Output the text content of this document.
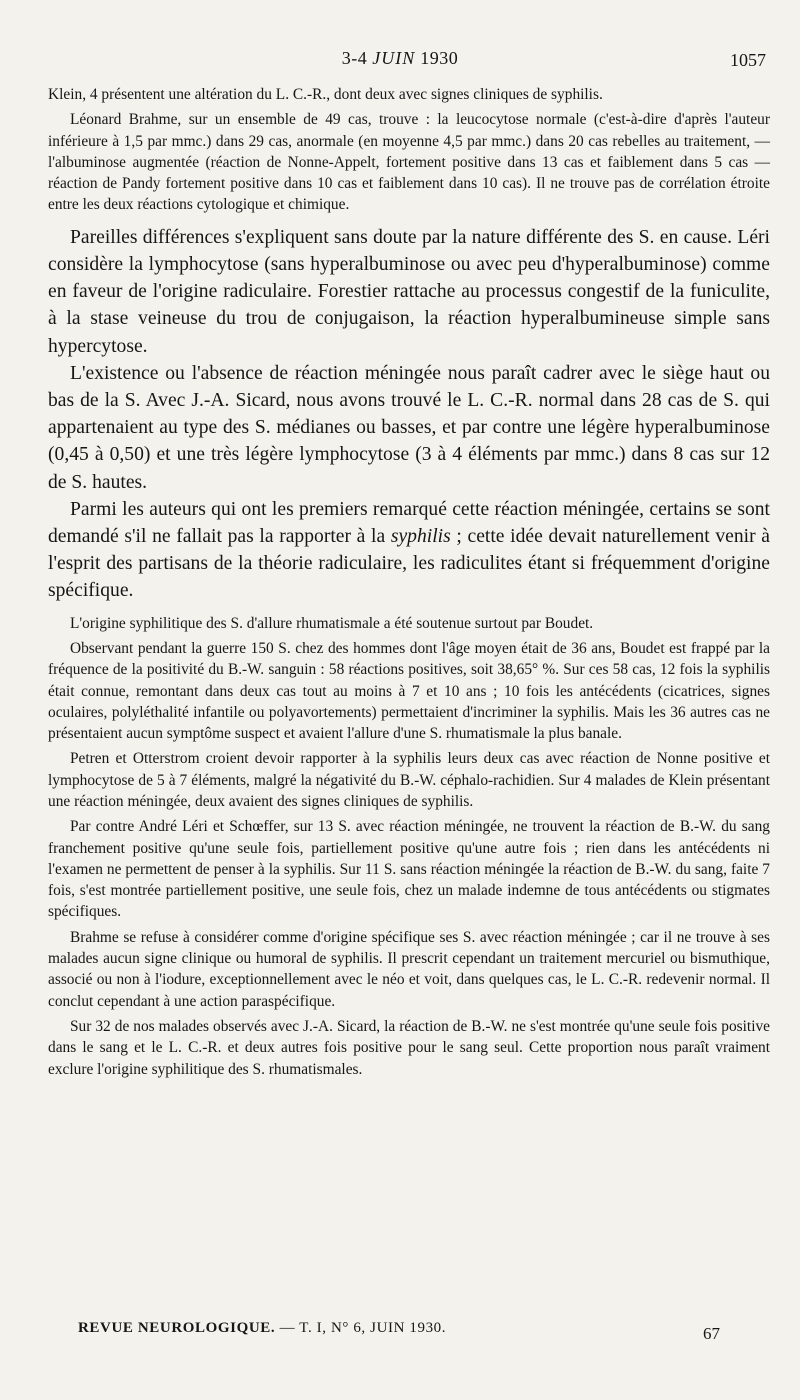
3-4 JUIN 1930	1057

Klein, 4 présentent une altération du L. C.-R., dont deux avec signes cliniques de syphilis.

Léonard Brahme, sur un ensemble de 49 cas, trouve : la leucocytose normale (c'est-à-dire d'après l'auteur inférieure à 1,5 par mmc.) dans 29 cas, anormale (en moyenne 4,5 par mmc.) dans 20 cas rebelles au traitement, — l'albuminose augmentée (réaction de Nonne-Appelt, fortement positive dans 13 cas et faiblement dans 5 cas — réaction de Pandy fortement positive dans 10 cas et faiblement dans 10 cas). Il ne trouve pas de corrélation étroite entre les deux réactions cytologique et chimique.

Pareilles différences s'expliquent sans doute par la nature différente des S. en cause. Léri considère la lymphocytose (sans hyperalbuminose ou avec peu d'hyperalbuminose) comme en faveur de l'origine radiculaire. Forestier rattache au processus congestif de la funiculite, à la stase veineuse du trou de conjugaison, la réaction hyperalbumineuse simple sans hypercytose.

L'existence ou l'absence de réaction méningée nous paraît cadrer avec le siège haut ou bas de la S. Avec J.-A. Sicard, nous avons trouvé le L. C.-R. normal dans 28 cas de S. qui appartenaient au type des S. médianes ou basses, et par contre une légère hyperalbuminose (0,45 à 0,50) et une très légère lymphocytose (3 à 4 éléments par mmc.) dans 8 cas sur 12 de S. hautes.

Parmi les auteurs qui ont les premiers remarqué cette réaction méningée, certains se sont demandé s'il ne fallait pas la rapporter à la syphilis ; cette idée devait naturellement venir à l'esprit des partisans de la théorie radiculaire, les radiculites étant si fréquemment d'origine spécifique.

L'origine syphilitique des S. d'allure rhumatismale a été soutenue surtout par Boudet.

Observant pendant la guerre 150 S. chez des hommes dont l'âge moyen était de 36 ans, Boudet est frappé par la fréquence de la positivité du B.-W. sanguin : 58 réactions positives, soit 38,65° %. Sur ces 58 cas, 12 fois la syphilis était connue, remontant dans deux cas tout au moins à 7 et 10 ans ; 10 fois les antécédents (cicatrices, signes oculaires, polyléthalité infantile ou polyavortements) permettaient d'incriminer la syphilis. Mais les 36 autres cas ne présentaient aucun symptôme suspect et avaient l'allure d'une S. rhumatismale la plus banale.

Petren et Otterstrom croient devoir rapporter à la syphilis leurs deux cas avec réaction de Nonne positive et lymphocytose de 5 à 7 éléments, malgré la négativité du B.-W. céphalo-rachidien. Sur 4 malades de Klein présentant une réaction méningée, deux avaient des signes cliniques de syphilis.

Par contre André Léri et Schœffer, sur 13 S. avec réaction méningée, ne trouvent la réaction de B.-W. du sang franchement positive qu'une seule fois, partiellement positive qu'une autre fois ; rien dans les antécédents ni l'examen ne permettent de penser à la syphilis. Sur 11 S. sans réaction méningée la réaction de B.-W. du sang, faite 7 fois, s'est montrée partiellement positive, une seule fois, chez un malade indemne de tous antécédents ou stigmates spécifiques.

Brahme se refuse à considérer comme d'origine spécifique ses S. avec réaction méningée ; car il ne trouve à ses malades aucun signe clinique ou humoral de syphilis. Il prescrit cependant un traitement mercuriel ou bismuthique, associé ou non à l'iodure, exceptionnellement avec le néo et voit, dans quelques cas, le L. C.-R. redevenir normal. Il conclut cependant à une action paraspécifique.

Sur 32 de nos malades observés avec J.-A. Sicard, la réaction de B.-W. ne s'est montrée qu'une seule fois positive dans le sang et le L. C.-R. et deux autres fois positive pour le sang seul. Cette proportion nous paraît vraiment exclure l'origine syphilitique des S. rhumatismales.

REVUE NEUROLOGIQUE. — T. I, N° 6, JUIN 1930.	67
